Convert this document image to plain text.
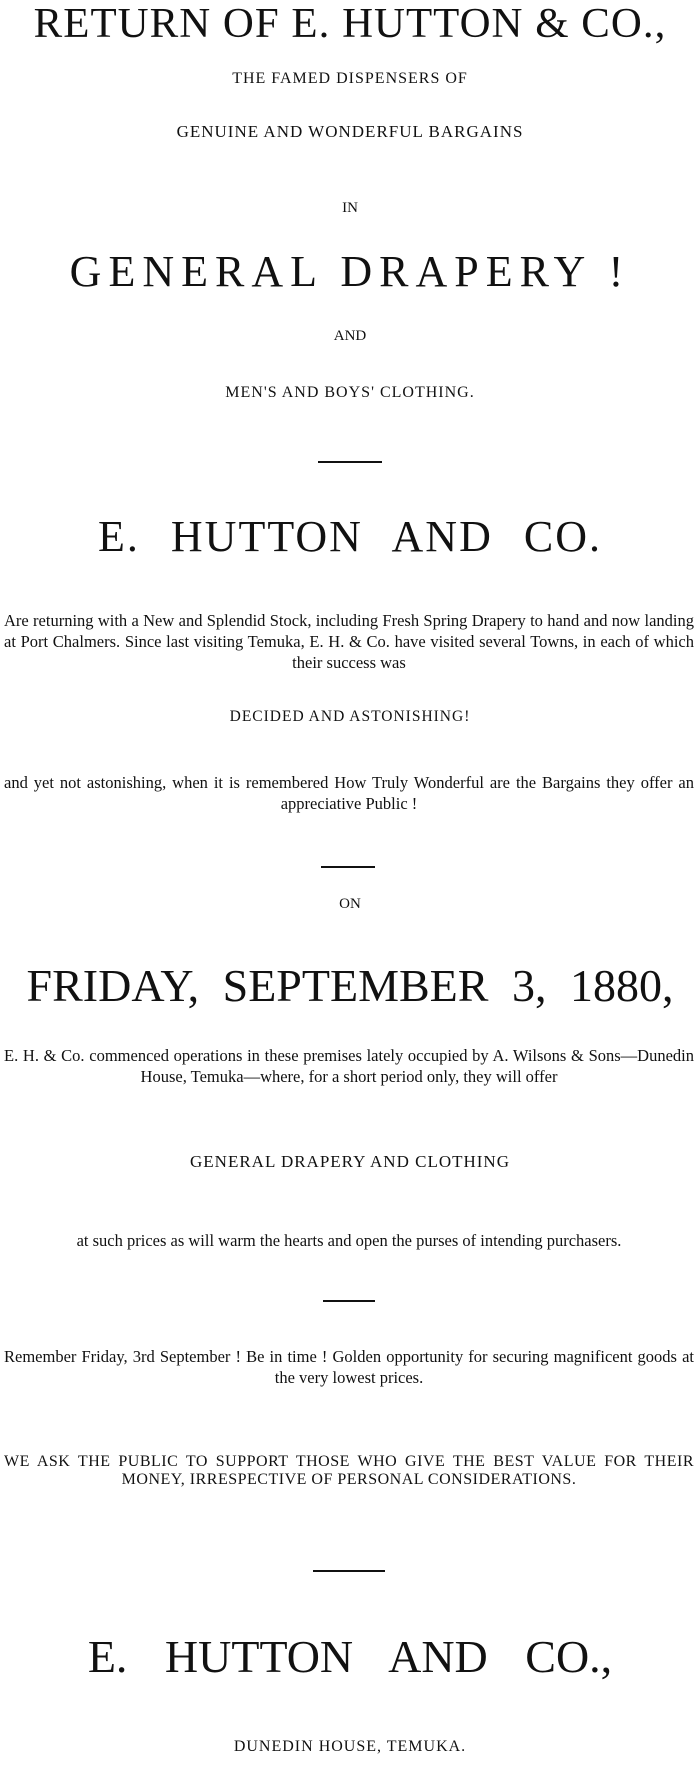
RETURN OF E. HUTTON & CO.,
THE FAMED DISPENSERS OF
GENUINE AND WONDERFUL BARGAINS
IN
GENERAL DRAPERY !
AND
MEN'S AND BOYS' CLOTHING.
E. HUTTON AND CO.
Are returning with a New and Splendid Stock, including Fresh Spring Drapery to hand and now landing at Port Chalmers. Since last visiting Temuka, E. H. & Co. have visited several Towns, in each of which their success was
DECIDED AND ASTONISHING!
and yet not astonishing, when it is remembered How Truly Wonderful are the Bargains they offer an appreciative Public !
ON
FRIDAY, SEPTEMBER 3, 1880,
E. H. & Co. commenced operations in these premises lately occupied by A. Wilsons & Sons—Dunedin House, Temuka—where, for a short period only, they will offer
GENERAL DRAPERY AND CLOTHING
at such prices as will warm the hearts and open the purses of intending purchasers.
Remember Friday, 3rd September ! Be in time ! Golden opportunity for securing magnificent goods at the very lowest prices.
WE ASK THE PUBLIC TO SUPPORT THOSE WHO GIVE THE BEST VALUE FOR THEIR MONEY, IRRESPECTIVE OF PERSONAL CONSIDERATIONS.
E. HUTTON AND CO.,
DUNEDIN HOUSE, TEMUKA.
